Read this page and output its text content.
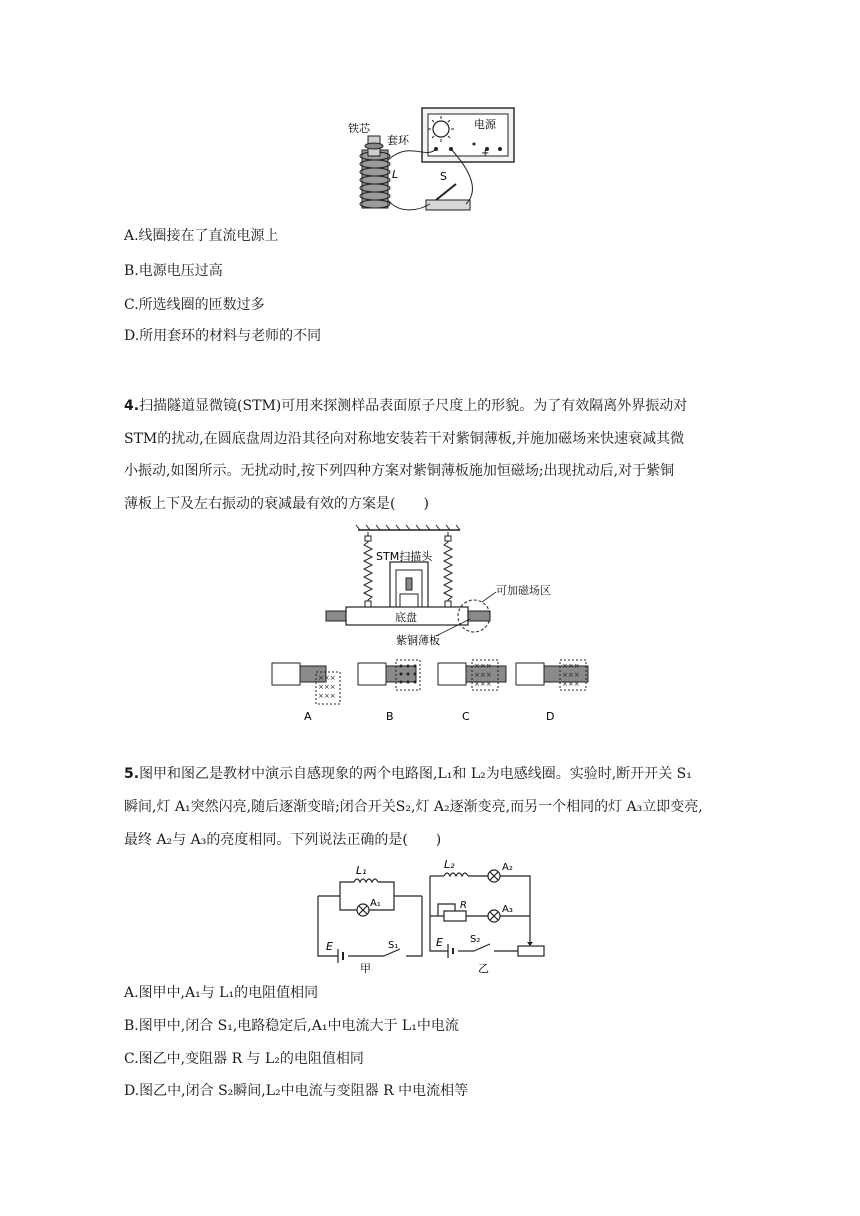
电源
+
铁芯
套环
L	S
A.线圈接在了直流电源上
B.电源电压过高
C.所选线圈的匝数过多
D.所用套环的材料与老师的不同
4.扫描隧道显微镜(STM)可用来探测样品表面原子尺度上的形貌。为了有效隔离外界振动对
STM的扰动,在圆底盘周边沿其径向对称地安装若干对紫铜薄板,并施加磁场来快速衰减其微
小振动,如图所示。无扰动时,按下列四种方案对紫铜薄板施加恒磁场;出现扰动后,对于紫铜
薄板上下及左右振动的衰减最有效的方案是(　　)
STM扫描头
底盘
紫铜薄板
可加磁场区
×××
×××
×××
×××
×××
×××
×××
×××
×××
A	B	C	D
5.图甲和图乙是教材中演示自感现象的两个电路图,L₁和 L₂为电感线圈。实验时,断开开关 S₁
瞬间,灯 A₁突然闪亮,随后逐渐变暗;闭合开关S₂,灯 A₂逐渐变亮,而另一个相同的灯 A₃立即变亮,
最终 A₂与 A₃的亮度相同。下列说法正确的是(　　)
L₁
A₁
E	S₁
甲
L₂	A₂
A₃
R
E	S₂
乙
A.图甲中,A₁与 L₁的电阻值相同
B.图甲中,闭合 S₁,电路稳定后,A₁中电流大于 L₁中电流
C.图乙中,变阻器 R 与 L₂的电阻值相同
D.图乙中,闭合 S₂瞬间,L₂中电流与变阻器 R 中电流相等
